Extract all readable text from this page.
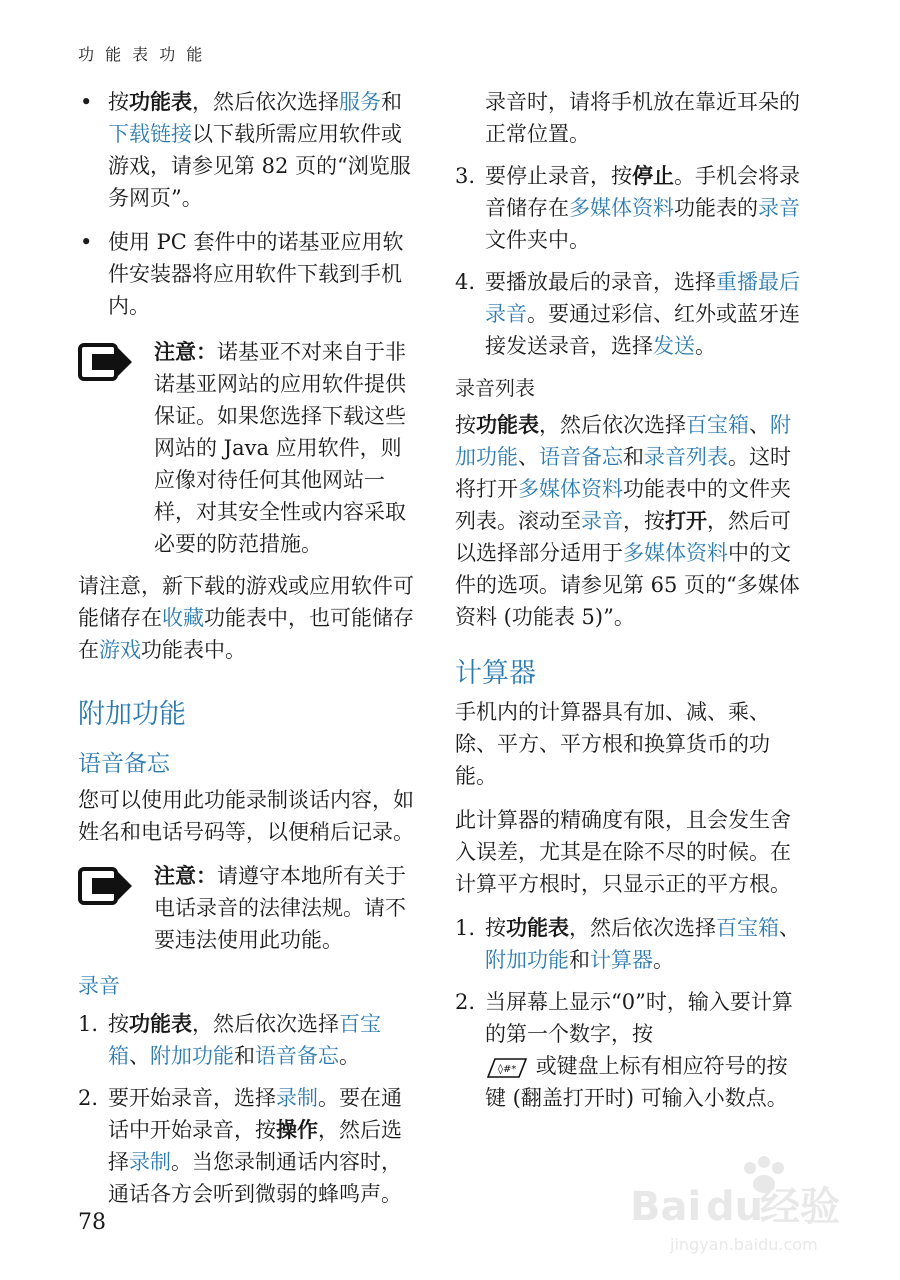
功 能 表 功 能
• 按功能表，然后依次选择服务和下载链接以下载所需应用软件或游戏，请参见第 82 页的“浏览服务网页”。
• 使用 PC 套件中的诺基亚应用软件安装器将应用软件下载到手机内。
注意：诺基亚不对来自于非诺基亚网站的应用软件提供保证。如果您选择下载这些网站的 Java 应用软件，则应像对待任何其他网站一样，对其安全性或内容采取必要的防范措施。

请注意，新下载的游戏或应用软件可能储存在收藏功能表中，也可能储存在游戏功能表中。

附加功能
语音备忘

您可以使用此功能录制谈话内容，如姓名和电话号码等，以便稍后记录。

注意：请遵守本地所有关于电话录音的法律法规。请不要违法使用此功能。
录音
1. 按功能表，然后依次选择百宝箱、附加功能和语音备忘。
2. 要开始录音，选择录制。要在通话中开始录音，按操作，然后选择录制。当您录制通话内容时，通话各方会听到微弱的蜂鸣声。

录音时，请将手机放在靠近耳朵的正常位置。

3. 要停止录音，按停止。手机会将录音储存在多媒体资料功能表的录音文件夹中。
4. 要播放最后的录音，选择重播最后录音。要通过彩信、红外或蓝牙连接发送录音，选择发送。
录音列表

按功能表，然后依次选择百宝箱、附加功能、语音备忘和录音列表。这时将打开多媒体资料功能表中的文件夹列表。滚动至录音，按打开，然后可以选择部分适用于多媒体资料中的文件的选项。请参见第 65 页的“多媒体资料 (功能表 5)”。

计算器

手机内的计算器具有加、减、乘、除、平方、平方根和换算货币的功能。

此计算器的精确度有限，且会发生舍入误差，尤其是在除不尽的时候。在计算平方根时，只显示正的平方根。

1. 按功能表，然后依次选择百宝箱、附加功能和计算器。
2. 当屏幕上显示“0”时，输入要计算的第一个数字，按

◊#* 或键盘上标有相应符号的按键 (翻盖打开时) 可输入小数点。
78	Bai du
经验
jingyan.baidu.com
